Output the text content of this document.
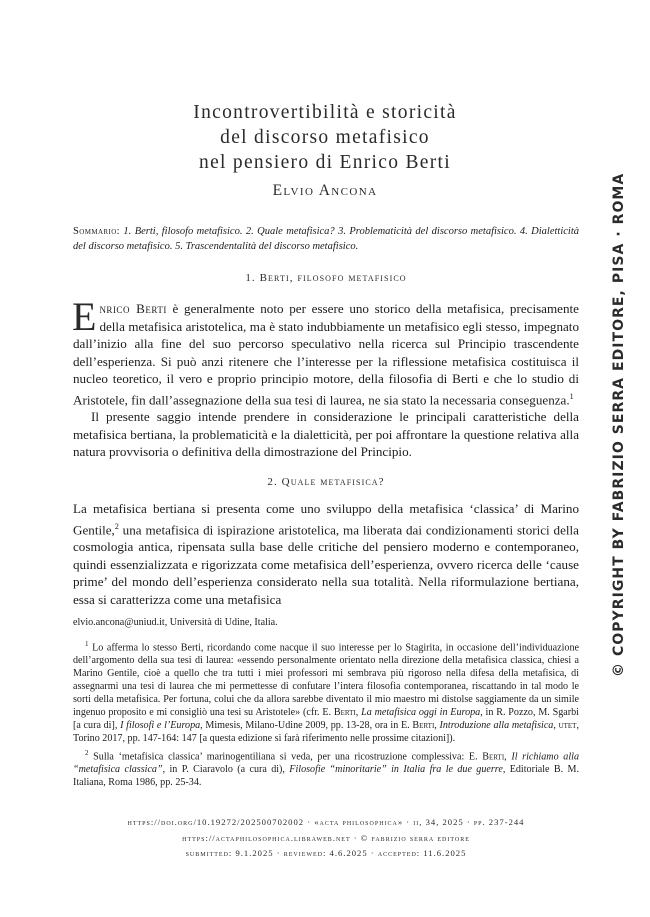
Incontrovertibilità e storicità
del discorso metafisico
nel pensiero di Enrico Berti
Elvio Ancona
Sommario: 1. Berti, filosofo metafisico. 2. Quale metafisica? 3. Problematicità del discorso metafisico. 4. Dialetticità del discorso metafisico. 5. Trascendentalità del discorso metafisico.
1. Berti, filosofo metafisico
Enrico Berti è generalmente noto per essere uno storico della metafisica, precisamente della metafisica aristotelica, ma è stato indubbiamente un metafisico egli stesso, impegnato dall’inizio alla fine del suo percorso speculativo nella ricerca sul Principio trascendente dell’esperienza. Si può anzi ritenere che l’interesse per la riflessione metafisica costituisca il nucleo teoretico, il vero e proprio principio motore, della filosofia di Berti e che lo studio di Aristotele, fin dall’assegnazione della sua tesi di laurea, ne sia stato la necessaria conseguenza.$^1$
Il presente saggio intende prendere in considerazione le principali caratteristiche della metafisica bertiana, la problematicità e la dialetticità, per poi affrontare la questione relativa alla natura provvisoria o definitiva della dimostrazione del Principio.
2. Quale metafisica?
La metafisica bertiana si presenta come uno sviluppo della metafisica ‘classica’ di Marino Gentile,$^2$ una metafisica di ispirazione aristotelica, ma liberata dai condizionamenti storici della cosmologia antica, ripensata sulla base delle critiche del pensiero moderno e contemporaneo, quindi essenzializzata e rigorizzata come metafisica dell’esperienza, ovvero ricerca delle ‘cause prime’ del mondo dell’esperienza considerato nella sua totalità. Nella riformulazione bertiana, essa si caratterizza come una metafisica
elvio.ancona@uniud.it, Università di Udine, Italia.
$^1$ Lo afferma lo stesso Berti, ricordando come nacque il suo interesse per lo Stagirita, in occasione dell’individuazione dell’argomento della sua tesi di laurea: «essendo personalmente orientato nella direzione della metafisica classica, chiesi a Marino Gentile, cioè a quello che tra tutti i miei professori mi sembrava più rigoroso nella difesa della metafisica, di assegnarmi una tesi di laurea che mi permettesse di confutare l’intera filosofia contemporanea, riscattando in tal modo le sorti della metafisica. Per fortuna, colui che da allora sarebbe diventato il mio maestro mi distolse saggiamente da un simile ingenuo proposito e mi consigliò una tesi su Aristotele» (cfr. E. Berti, La metafisica oggi in Europa, in R. Pozzo, M. Sgarbi [a cura di], I filosofi e l’Europa, Mimesis, Milano-Udine 2009, pp. 13-28, ora in E. Berti, Introduzione alla metafisica, utet, Torino 2017, pp. 147-164: 147 [a questa edizione si farà riferimento nelle prossime citazioni]).
$^2$ Sulla ‘metafisica classica’ marinogentiliana si veda, per una ricostruzione complessiva: E. Berti, Il richiamo alla “metafisica classica”, in P. Ciaravolo (a cura di), Filosofie “minoritarie” in Italia fra le due guerre, Editoriale B. M. Italiana, Roma 1986, pp. 25-34.
https://doi.org/10.19272/202500702002 · «acta philosophica» · ii, 34, 2025 · pp. 237-244
https://actaphilosophica.libraweb.net · © fabrizio serra editore
submitted: 9.1.2025 · reviewed: 4.6.2025 · accepted: 11.6.2025
© COPYRIGHT BY FABRIZIO SERRA EDITORE, PISA · ROMA
